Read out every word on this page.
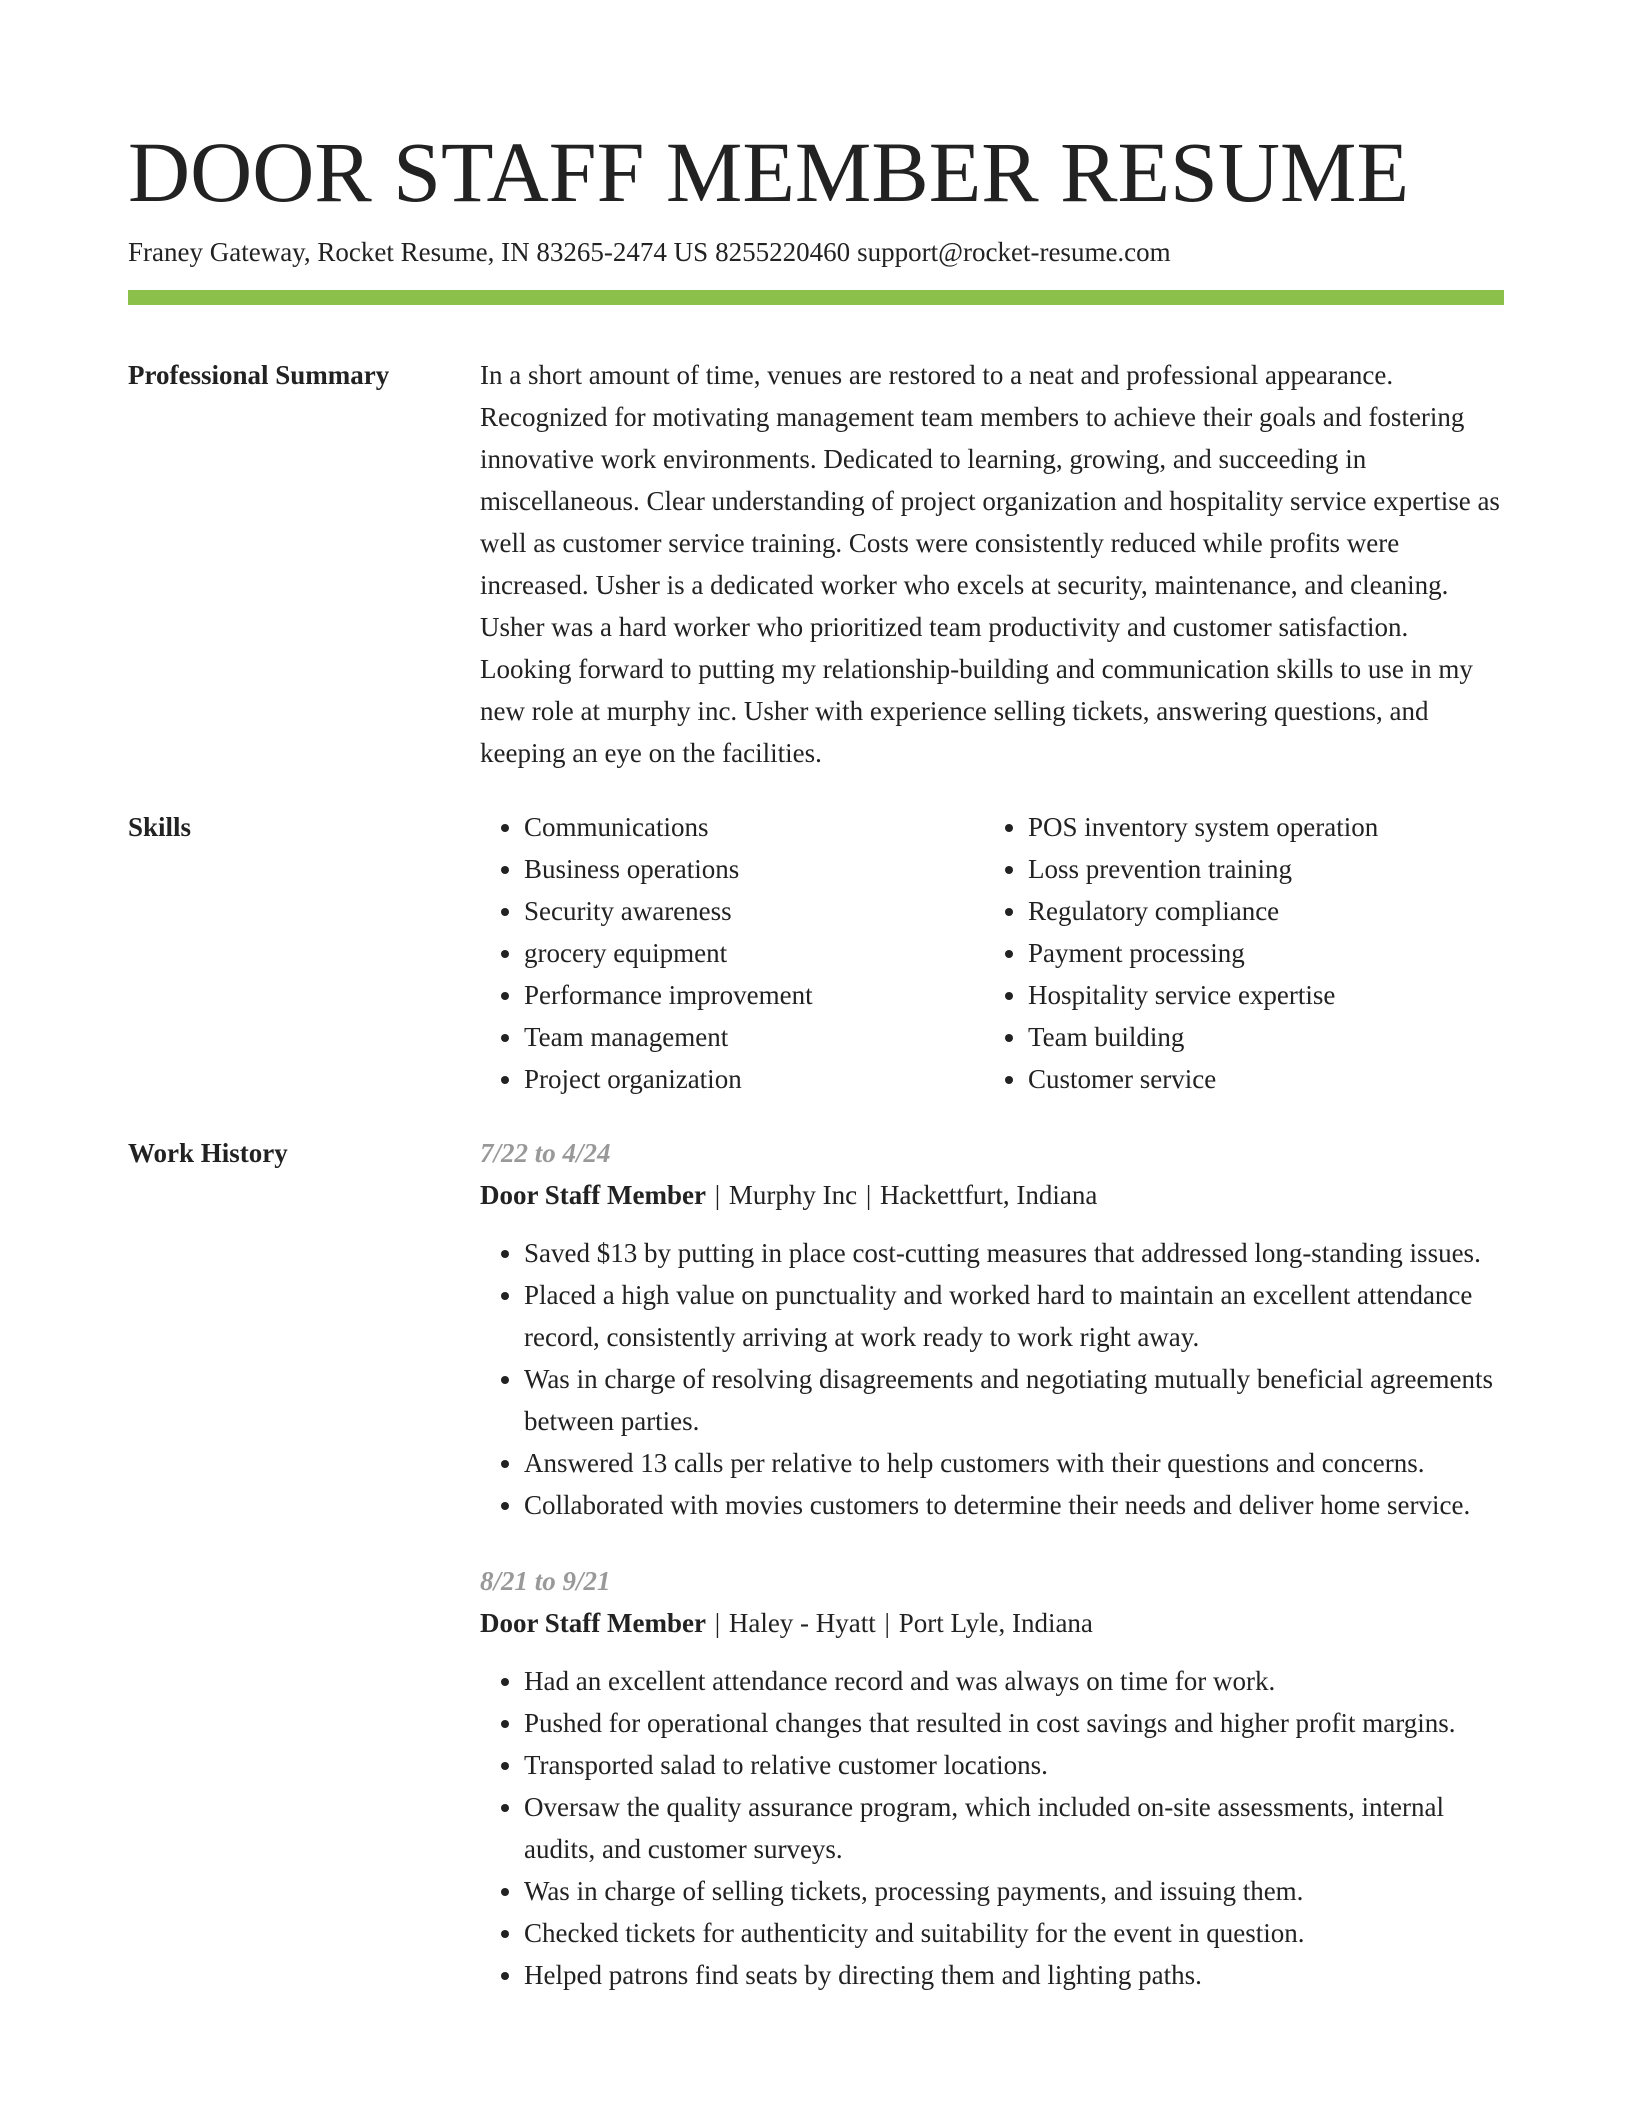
DOOR STAFF MEMBER RESUME
Franey Gateway, Rocket Resume, IN 83265-2474 US 8255220460 support@rocket-resume.com
Professional Summary	In a short amount of time, venues are restored to a neat and professional appearance. Recognized for motivating management team members to achieve their goals and fostering innovative work environments. Dedicated to learning, growing, and succeeding in miscellaneous. Clear understanding of project organization and hospitality service expertise as well as customer service training. Costs were consistently reduced while profits were increased. Usher is a dedicated worker who excels at security, maintenance, and cleaning. Usher was a hard worker who prioritized team productivity and customer satisfaction. Looking forward to putting my relationship-building and communication skills to use in my new role at murphy inc. Usher with experience selling tickets, answering questions, and keeping an eye on the facilities.
Skills
•	Communications
• Business operations
• Security awareness
• grocery equipment
• Performance improvement
• Team management
• Project organization
• POS inventory system operation
• Loss prevention training
• Regulatory compliance
• Payment processing
• Hospitality service expertise
• Team building
• Customer service
Work History	7/22 to 4/24
Door Staff Member | Murphy Inc | Hackettfurt, Indiana
• Saved $13 by putting in place cost-cutting measures that addressed long-standing issues.
• Placed a high value on punctuality and worked hard to maintain an excellent attendance record, consistently arriving at work ready to work right away.
• Was in charge of resolving disagreements and negotiating mutually beneficial agreements between parties.
• Answered 13 calls per relative to help customers with their questions and concerns.
• Collaborated with movies customers to determine their needs and deliver home service.
8/21 to 9/21
Door Staff Member | Haley - Hyatt | Port Lyle, Indiana
• Had an excellent attendance record and was always on time for work.
• Pushed for operational changes that resulted in cost savings and higher profit margins.
• Transported salad to relative customer locations.
• Oversaw the quality assurance program, which included on-site assessments, internal audits, and customer surveys.
• Was in charge of selling tickets, processing payments, and issuing them.
• Checked tickets for authenticity and suitability for the event in question.
• Helped patrons find seats by directing them and lighting paths.
